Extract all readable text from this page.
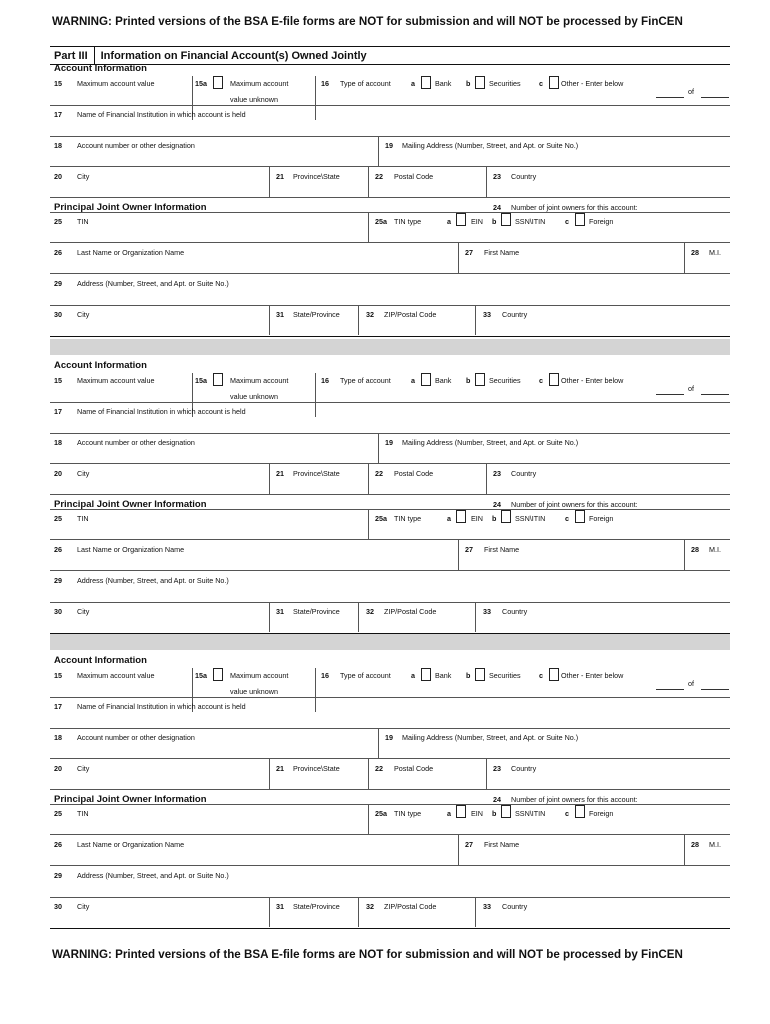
WARNING: Printed versions of the BSA E-file forms are NOT for submission and will NOT be processed by FinCEN
Part III	Information on Financial Account(s) Owned Jointly
Account Information
15 Maximum account value	15a	Maximum account
value unknown
16 Type of account	a	Bank b	Securities	c	Other - Enter below
of
17 Name of Financial Institution in which account is held
18 Account number or other designation	19 Mailing Address (Number, Street, and Apt. or Suite No.)
20 City	21 Province\State	22 Postal Code	23 Country
Principal Joint Owner Information	24 Number of joint owners for this account:
25 TIN	25a TIN type	a	EIN b	SSN\ITIN	c	Foreign
26 Last Name or Organization Name	27 First Name	28 M.I.
29 Address (Number, Street, and Apt. or Suite No.)
30 City	31 State/Province	32 ZIP/Postal Code	33 Country
Account Information
15 Maximum account value	15a	Maximum account
value unknown
16 Type of account	a	Bank b	Securities	c	Other - Enter below
of
17 Name of Financial Institution in which account is held
18 Account number or other designation	19 Mailing Address (Number, Street, and Apt. or Suite No.)
20 City	21 Province\State	22 Postal Code	23 Country
Principal Joint Owner Information	24 Number of joint owners for this account:
25 TIN	25a TIN type	a	EIN b	SSN\ITIN	c	Foreign
26 Last Name or Organization Name	27 First Name	28 M.I.
29 Address (Number, Street, and Apt. or Suite No.)
30 City	31 State/Province	32 ZIP/Postal Code	33 Country
Account Information
15 Maximum account value	15a	Maximum account
value unknown
16 Type of account	a	Bank b	Securities	c	Other - Enter below
of
17 Name of Financial Institution in which account is held
18 Account number or other designation	19 Mailing Address (Number, Street, and Apt. or Suite No.)
20 City	21 Province\State	22 Postal Code	23 Country
Principal Joint Owner Information	24 Number of joint owners for this account:
25 TIN	25a TIN type	a	EIN b	SSN\ITIN	c	Foreign
26 Last Name or Organization Name	27 First Name	28 M.I.
29 Address (Number, Street, and Apt. or Suite No.)
30 City	31 State/Province	32 ZIP/Postal Code	33 Country
WARNING: Printed versions of the BSA E-file forms are NOT for submission and will NOT be processed by FinCEN
